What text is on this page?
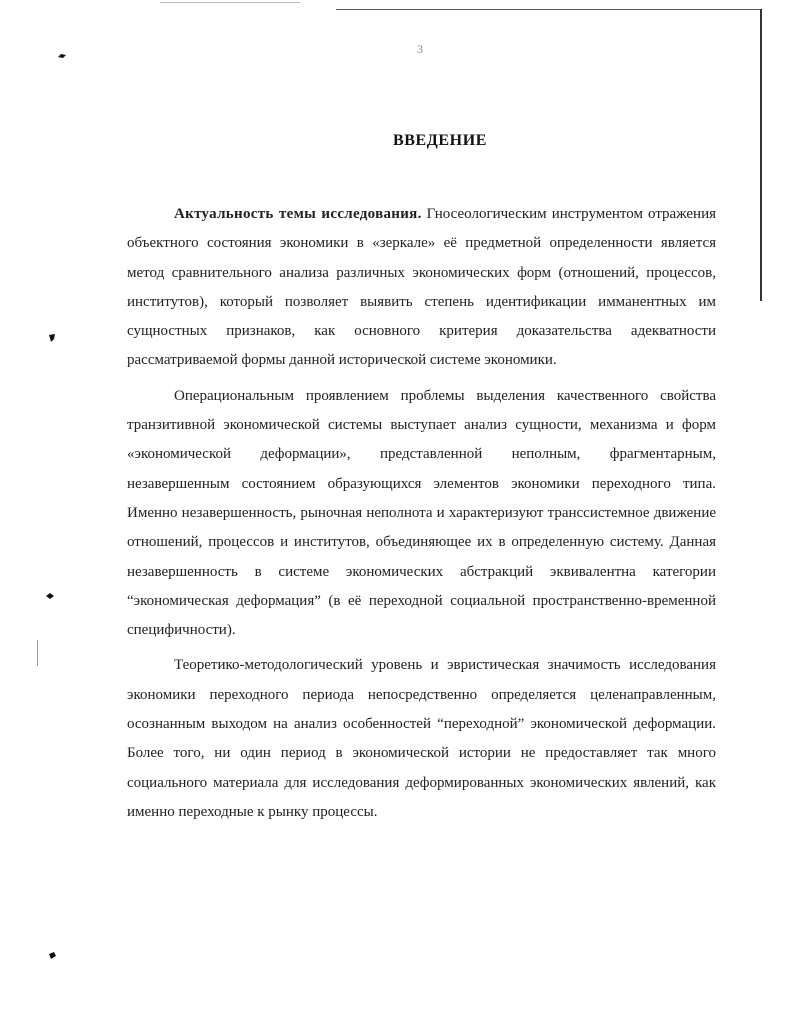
3
ВВЕДЕНИЕ

Актуальность темы исследования. Гносеологическим инструментом отражения объектного состояния экономики в «зеркале» её предметной определенности является метод сравнительного анализа различных экономических форм (отношений, процессов, институтов), который позволяет выявить степень идентификации имманентных им сущностных признаков, как основного критерия доказательства адекватности рассматриваемой формы данной исторической системе экономики.

Операциональным проявлением проблемы выделения качественного свойства транзитивной экономической системы выступает анализ сущности, механизма и форм «экономической деформации», представленной неполным, фрагментарным, незавершенным состоянием образующихся элементов экономики переходного типа. Именно незавершенность, рыночная неполнота и характеризуют транссистемное движение отношений, процессов и институтов, объединяющее их в определенную систему. Данная незавершенность в системе экономических абстракций эквивалентна категории “экономическая деформация” (в её переходной социальной пространственно-временной специфичности).

Теоретико-методологический уровень и эвристическая значимость исследования экономики переходного периода непосредственно определяется целенаправленным, осознанным выходом на анализ особенностей “переходной” экономической деформации. Более того, ни один период в экономической истории не предоставляет так много социального материала для исследования деформированных экономических явлений, как именно переходные к рынку процессы.
